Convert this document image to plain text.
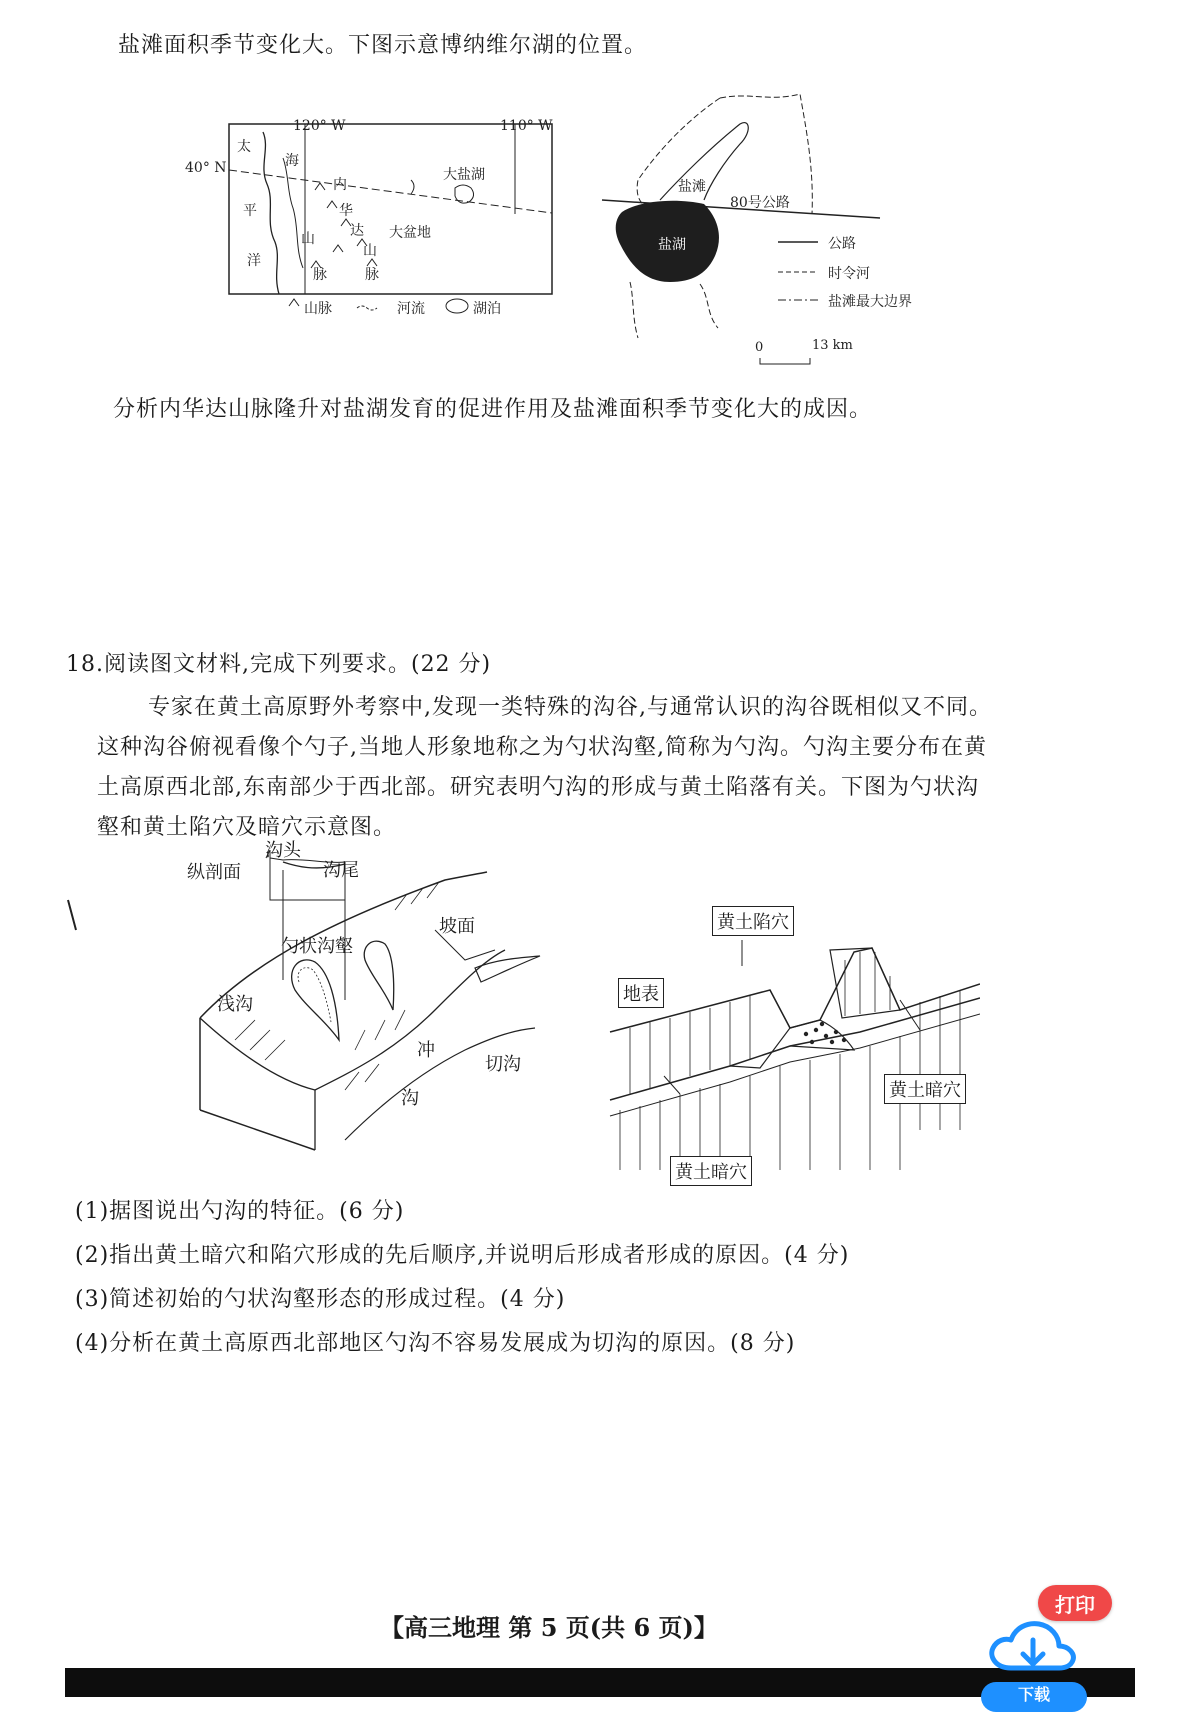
盐滩面积季节变化大。下图示意博纳维尔湖的位置。
120° W	110° W
40° N
太
平
洋
海
内
华
达
山
脉
山
脉
大盐湖
大盆地
山脉	河流	湖泊
盐滩
80号公路
盐湖	公路
时令河
盐滩最大边界
0	13 km
分析内华达山脉隆升对盐湖发育的促进作用及盐滩面积季节变化大的成因。
18.阅读图文材料,完成下列要求。(22 分)
专家在黄土高原野外考察中,发现一类特殊的沟谷,与通常认识的沟谷既相似又不同。
这种沟谷俯视看像个勺子,当地人形象地称之为勺状沟壑,简称为勺沟。勺沟主要分布在黄
土高原西北部,东南部少于西北部。研究表明勺沟的形成与黄土陷落有关。下图为勺状沟
壑和黄土陷穴及暗穴示意图。
沟头
纵剖面	沟尾
坡面
勺状沟壑
浅沟
冲
沟
切沟
黄土陷穴
地表
黄土暗穴
黄土暗穴
(1)据图说出勺沟的特征。(6 分)
(2)指出黄土暗穴和陷穴形成的先后顺序,并说明后形成者形成的原因。(4 分)
(3)简述初始的勺状沟壑形态的形成过程。(4 分)
(4)分析在黄土高原西北部地区勺沟不容易发展成为切沟的原因。(8 分)
【高三地理 第 5 页(共 6 页)】
打印
下载
